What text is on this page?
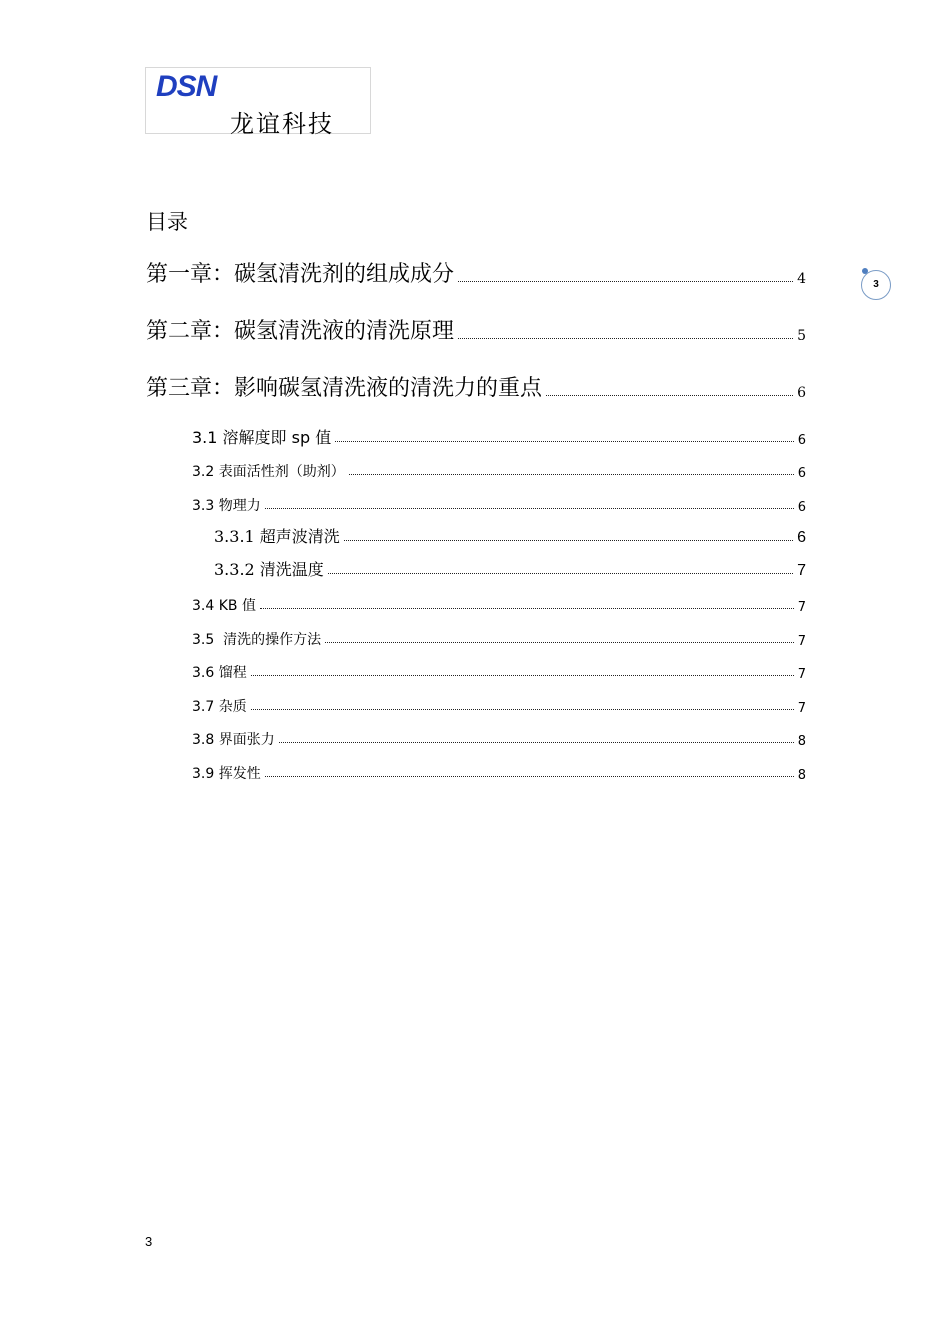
DSN
龙谊科技
目录
3
第一章：碳氢清洗剂的组成成分	4
第二章：碳氢清洗液的清洗原理	5
第三章：影响碳氢清洗液的清洗力的重点	6
3.1 溶解度即 sp 值	6
3.2 表面活性剂（助剂）	6
3.3 物理力	6
3.3.1 超声波清洗	6
3.3.2 清洗温度	7
3.4 KB 值	7
3.5  清洗的操作方法	7
3.6 馏程	7
3.7 杂质	7
3.8 界面张力	8
3.9 挥发性	8
3
